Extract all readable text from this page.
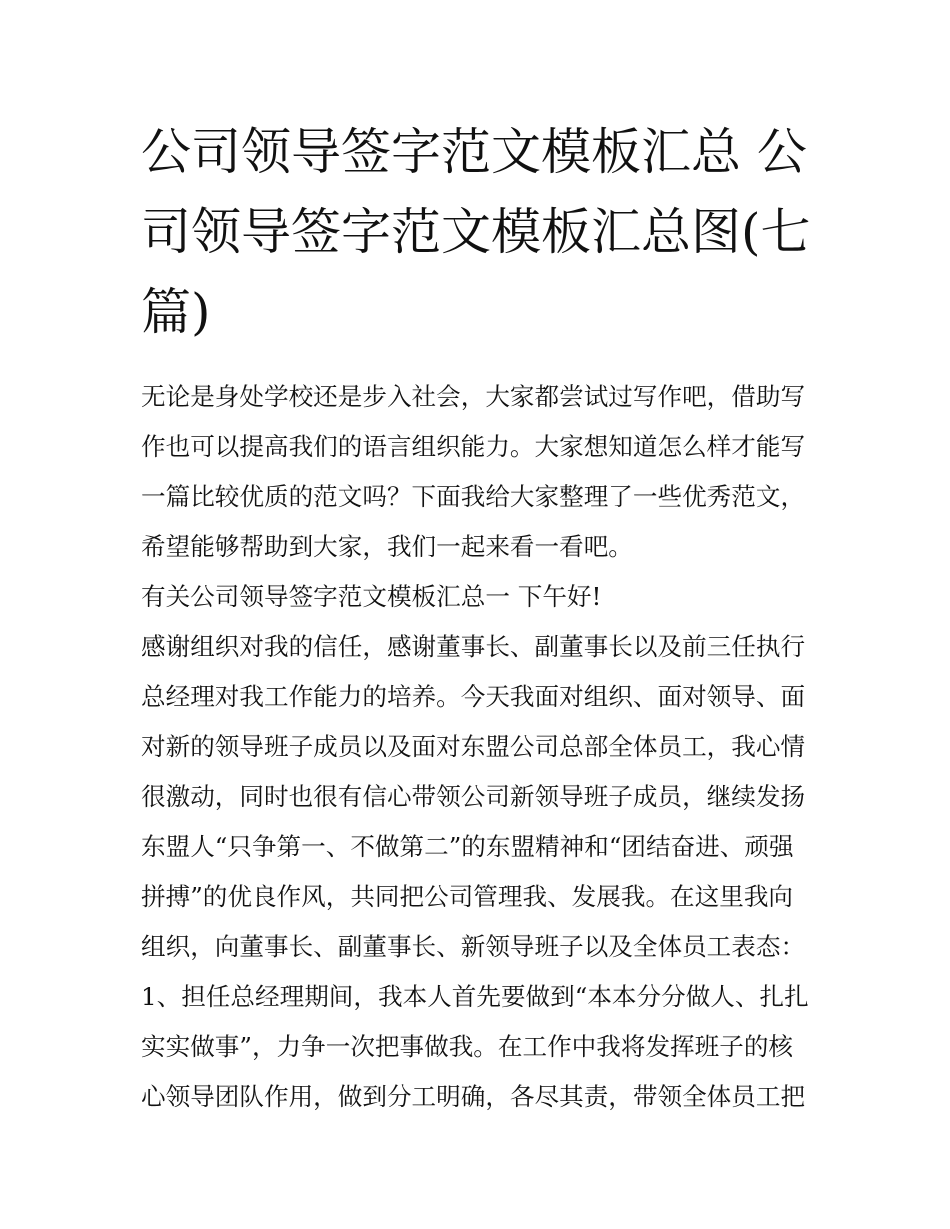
公司领导签字范文模板汇总 公司领导签字范文模板汇总图(七篇)

无论是身处学校还是步入社会，大家都尝试过写作吧，借助写作也可以提高我们的语言组织能力。大家想知道怎么样才能写一篇比较优质的范文吗？下面我给大家整理了一些优秀范文，希望能够帮助到大家，我们一起来看一看吧。

有关公司领导签字范文模板汇总一 下午好!

感谢组织对我的信任，感谢董事长、副董事长以及前三任执行总经理对我工作能力的培养。今天我面对组织、面对领导、面对新的领导班子成员以及面对东盟公司总部全体员工，我心情很激动，同时也很有信心带领公司新领导班子成员，继续发扬东盟人“只争第一、不做第二”的东盟精神和“团结奋进、顽强拼搏”的优良作风，共同把公司管理我、发展我。在这里我向组织，向董事长、副董事长、新领导班子以及全体员工表态：

1、担任总经理期间，我本人首先要做到“本本分分做人、扎扎实实做事”，力争一次把事做我。在工作中我将发挥班子的核心领导团队作用，做到分工明确，各尽其责，带领全体员工把
